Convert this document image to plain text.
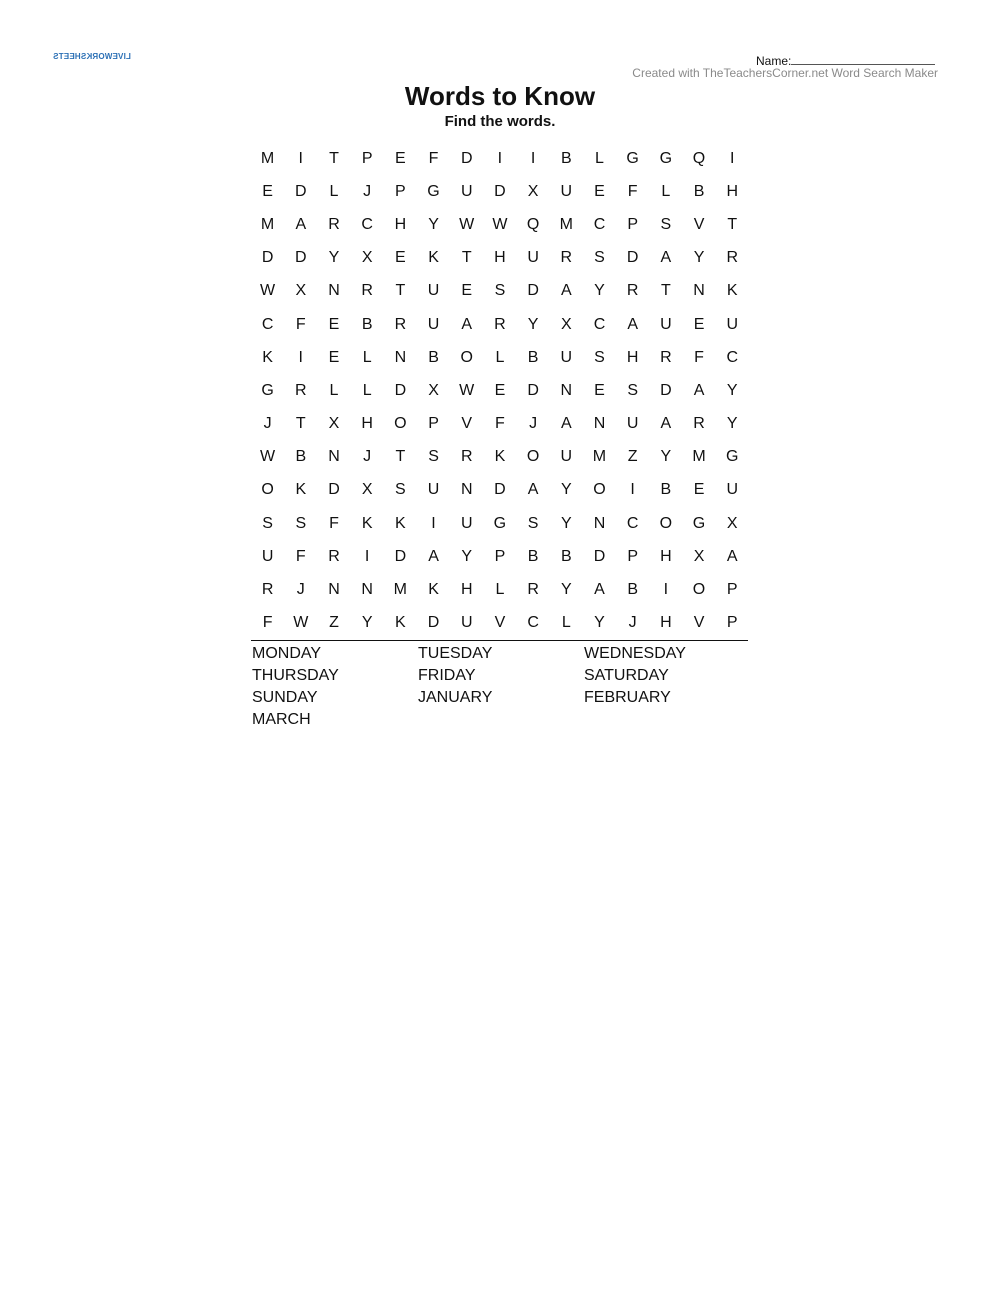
LIVEWORKSHEETS	Name:
Created with TheTeachersCorner.net Word Search Maker
Words to Know
Find the words.
M	I	T	P	E	F	D	I	I	B	L	G	G	Q	I
E	D	L	J	P	G	U	D	X	U	E	F	L	B	H
M	A	R	C	H	Y	W	W	Q	M	C	P	S	V	T
D	D	Y	X	E	K	T	H	U	R	S	D	A	Y	R
W	X	N	R	T	U	E	S	D	A	Y	R	T	N	K
C	F	E	B	R	U	A	R	Y	X	C	A	U	E	U
K	I	E	L	N	B	O	L	B	U	S	H	R	F	C
G	R	L	L	D	X	W	E	D	N	E	S	D	A	Y
J	T	X	H	O	P	V	F	J	A	N	U	A	R	Y
W	B	N	J	T	S	R	K	O	U	M	Z	Y	M	G
O	K	D	X	S	U	N	D	A	Y	O	I	B	E	U
S	S	F	K	K	I	U	G	S	Y	N	C	O	G	X
U	F	R	I	D	A	Y	P	B	B	D	P	H	X	A
R	J	N	N	M	K	H	L	R	Y	A	B	I	O	P
F	W	Z	Y	K	D	U	V	C	L	Y	J	H	V	P
MONDAY	TUESDAY	WEDNESDAY
THURSDAY	FRIDAY	SATURDAY
SUNDAY	JANUARY	FEBRUARY
MARCH
